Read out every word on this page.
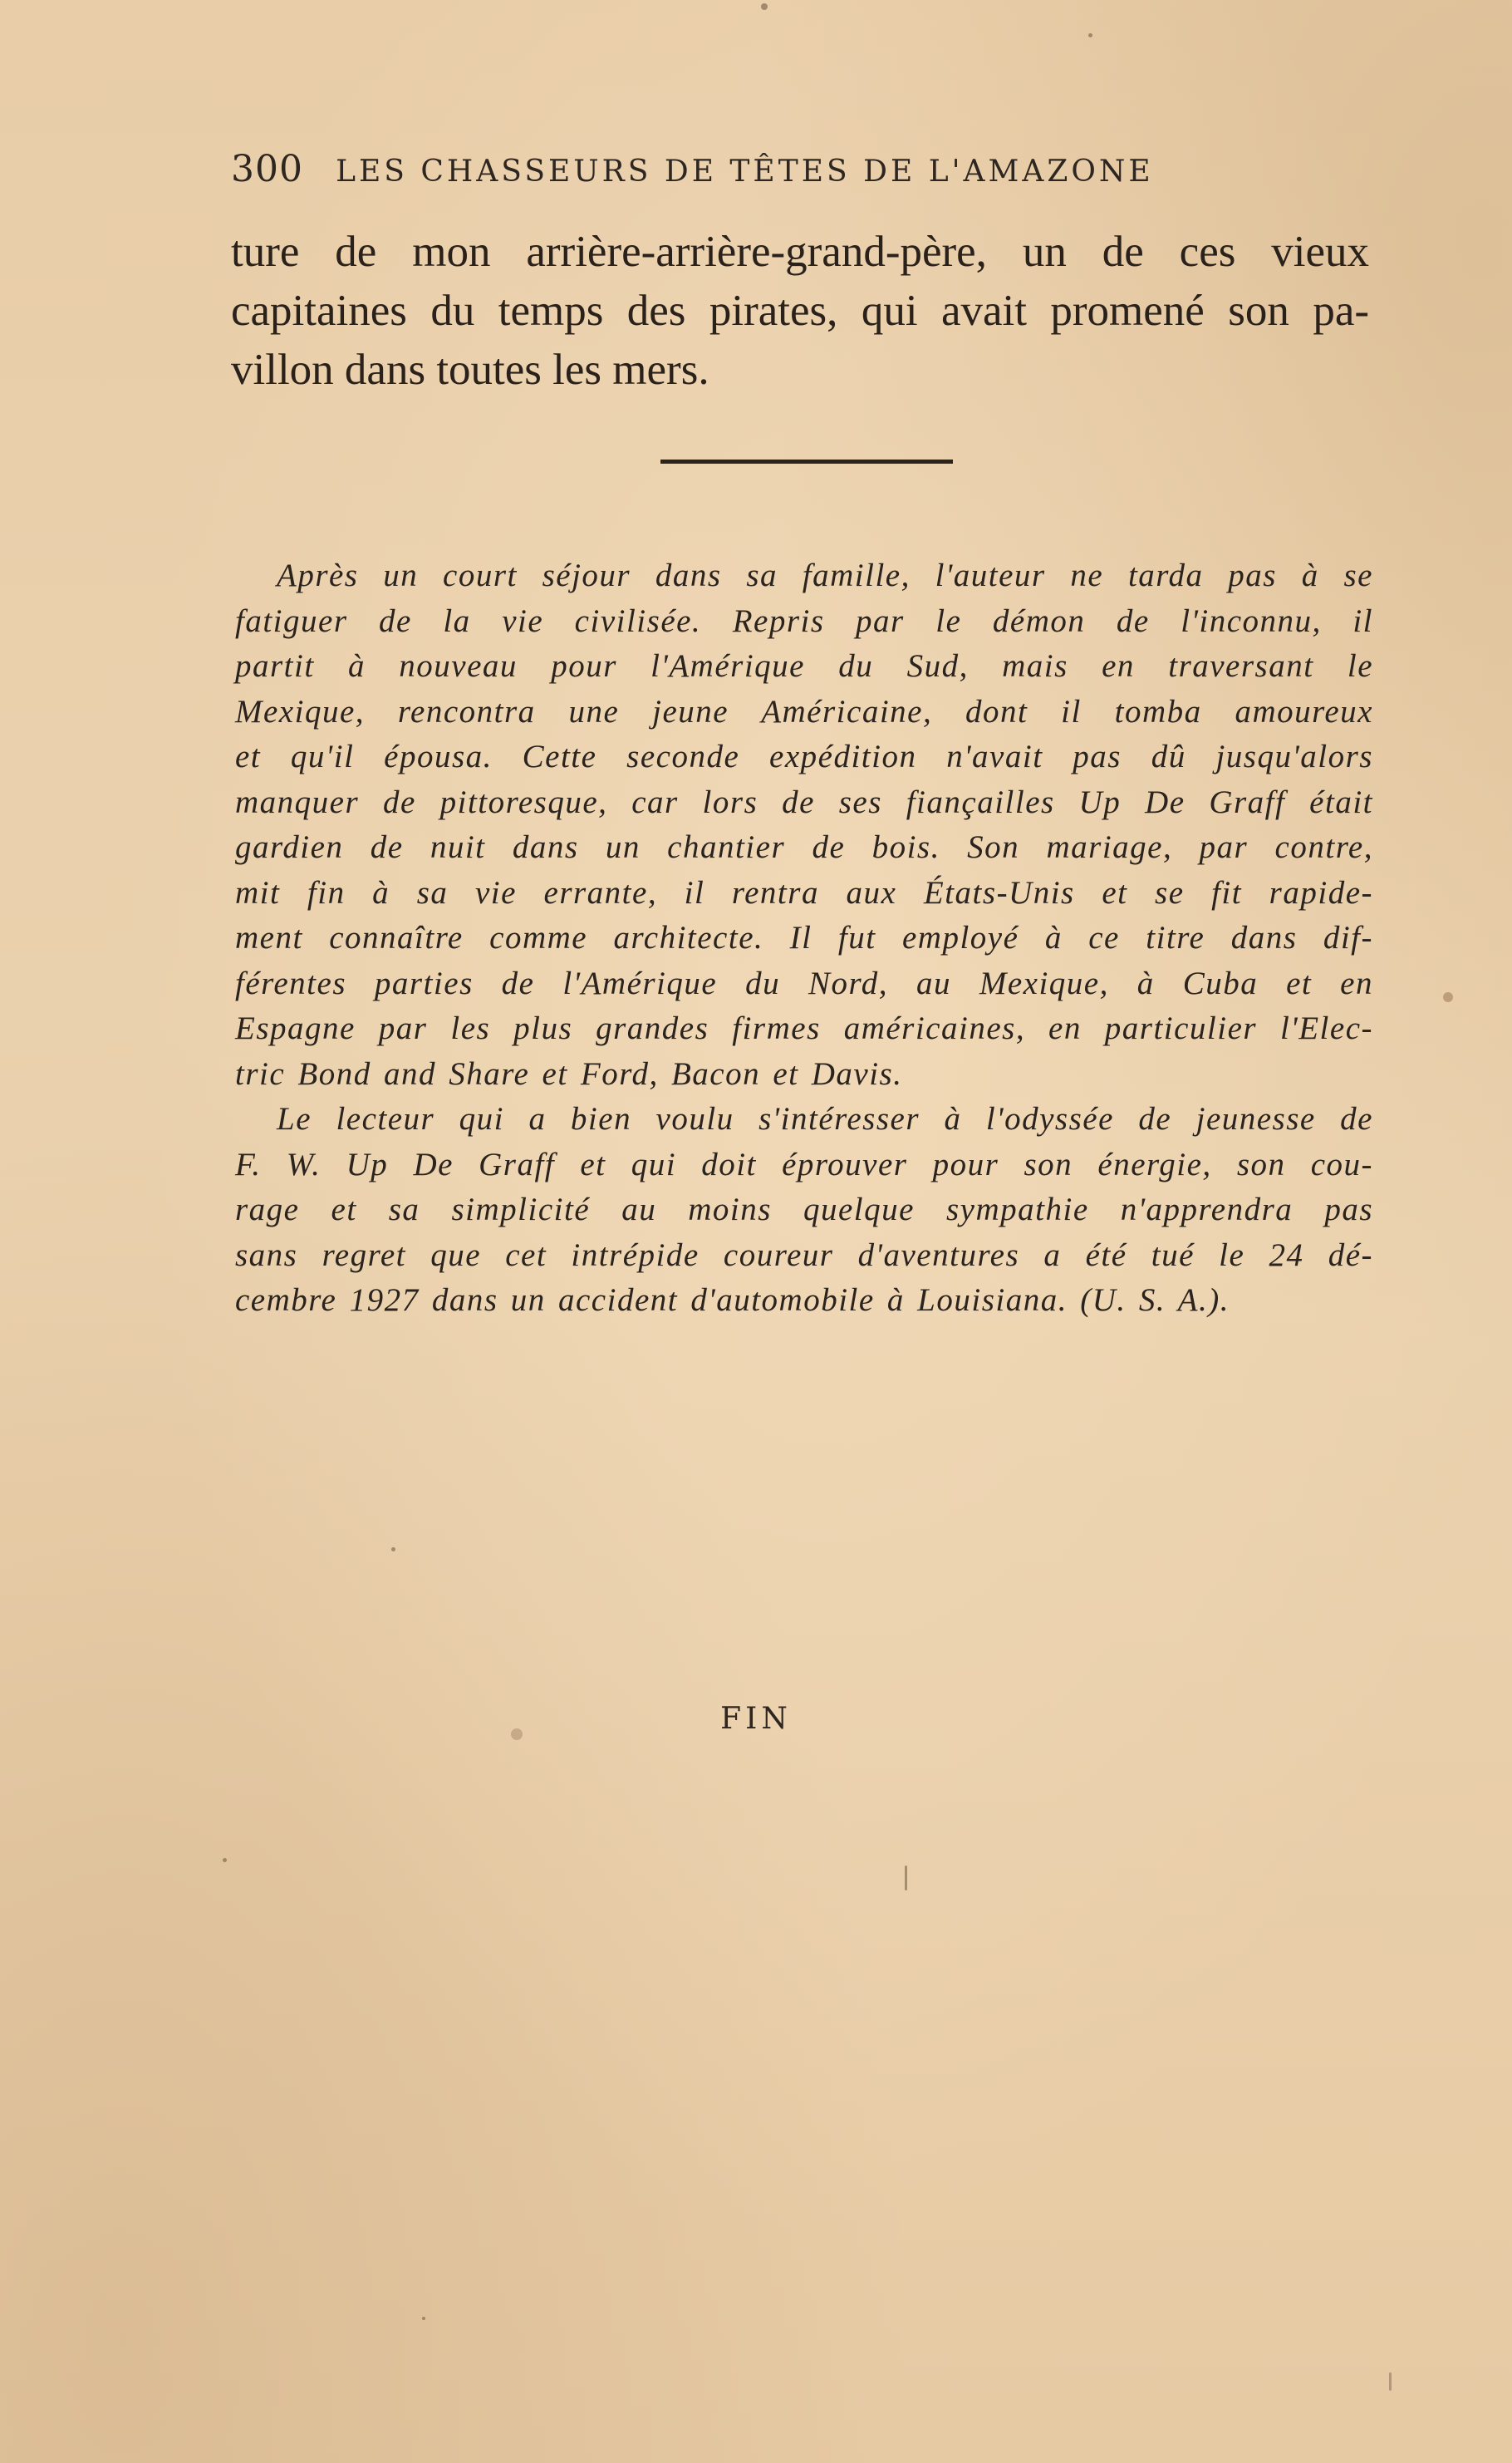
300 LES CHASSEURS DE TÊTES DE L'AMAZONE
ture de mon arrière-arrière-grand-père, un de ces vieux
capitaines du temps des pirates, qui avait promené son pa-
villon dans toutes les mers.
Après un court séjour dans sa famille, l'auteur ne tarda pas à se
fatiguer de la vie civilisée. Repris par le démon de l'inconnu, il
partit à nouveau pour l'Amérique du Sud, mais en traversant le
Mexique, rencontra une jeune Américaine, dont il tomba amoureux
et qu'il épousa. Cette seconde expédition n'avait pas dû jusqu'alors
manquer de pittoresque, car lors de ses fiançailles Up De Graff était
gardien de nuit dans un chantier de bois. Son mariage, par contre,
mit fin à sa vie errante, il rentra aux États-Unis et se fit rapide-
ment connaître comme architecte. Il fut employé à ce titre dans dif-
férentes parties de l'Amérique du Nord, au Mexique, à Cuba et en
Espagne par les plus grandes firmes américaines, en particulier l'Elec-
tric Bond and Share et Ford, Bacon et Davis.
Le lecteur qui a bien voulu s'intéresser à l'odyssée de jeunesse de
F. W. Up De Graff et qui doit éprouver pour son énergie, son cou-
rage et sa simplicité au moins quelque sympathie n'apprendra pas
sans regret que cet intrépide coureur d'aventures a été tué le 24 dé-
cembre 1927 dans un accident d'automobile à Louisiana. (U. S. A.).
FIN
